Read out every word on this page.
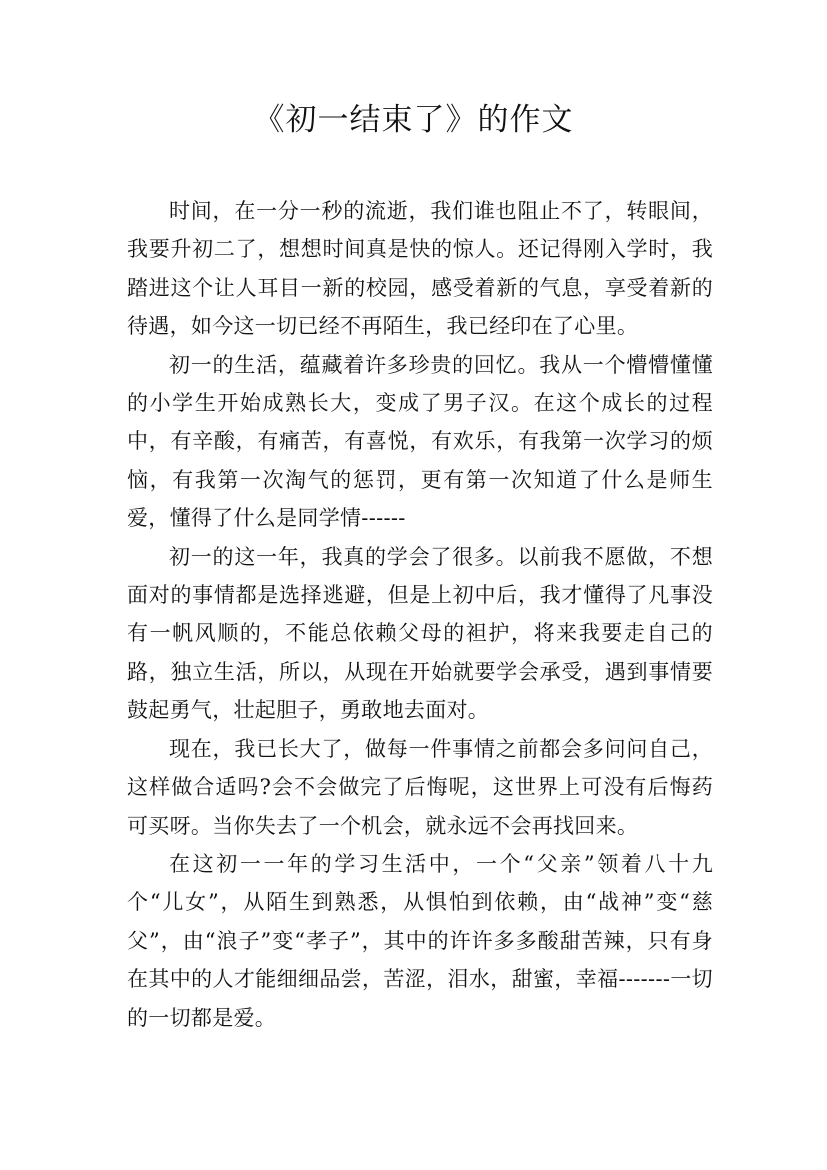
《初一结束了》的作文

时间，在一分一秒的流逝，我们谁也阻止不了，转眼间，我要升初二了，想想时间真是快的惊人。还记得刚入学时，我踏进这个让人耳目一新的校园，感受着新的气息，享受着新的待遇，如今这一切已经不再陌生，我已经印在了心里。

初一的生活，蕴藏着许多珍贵的回忆。我从一个懵懵懂懂的小学生开始成熟长大，变成了男子汉。在这个成长的过程中，有辛酸，有痛苦，有喜悦，有欢乐，有我第一次学习的烦恼，有我第一次淘气的惩罚，更有第一次知道了什么是师生爱，懂得了什么是同学情------

初一的这一年，我真的学会了很多。以前我不愿做，不想面对的事情都是选择逃避，但是上初中后，我才懂得了凡事没有一帆风顺的，不能总依赖父母的袒护，将来我要走自己的路，独立生活，所以，从现在开始就要学会承受，遇到事情要鼓起勇气，壮起胆子，勇敢地去面对。

现在，我已长大了，做每一件事情之前都会多问问自己，这样做合适吗?会不会做完了后悔呢，这世界上可没有后悔药可买呀。当你失去了一个机会，就永远不会再找回来。

在这初一一年的学习生活中，一个“父亲”领着八十九个“儿女”，从陌生到熟悉，从惧怕到依赖，由“战神”变“慈父”，由“浪子”变“孝子”，其中的许许多多酸甜苦辣，只有身在其中的人才能细细品尝，苦涩，泪水，甜蜜，幸福-------一切的一切都是爱。
